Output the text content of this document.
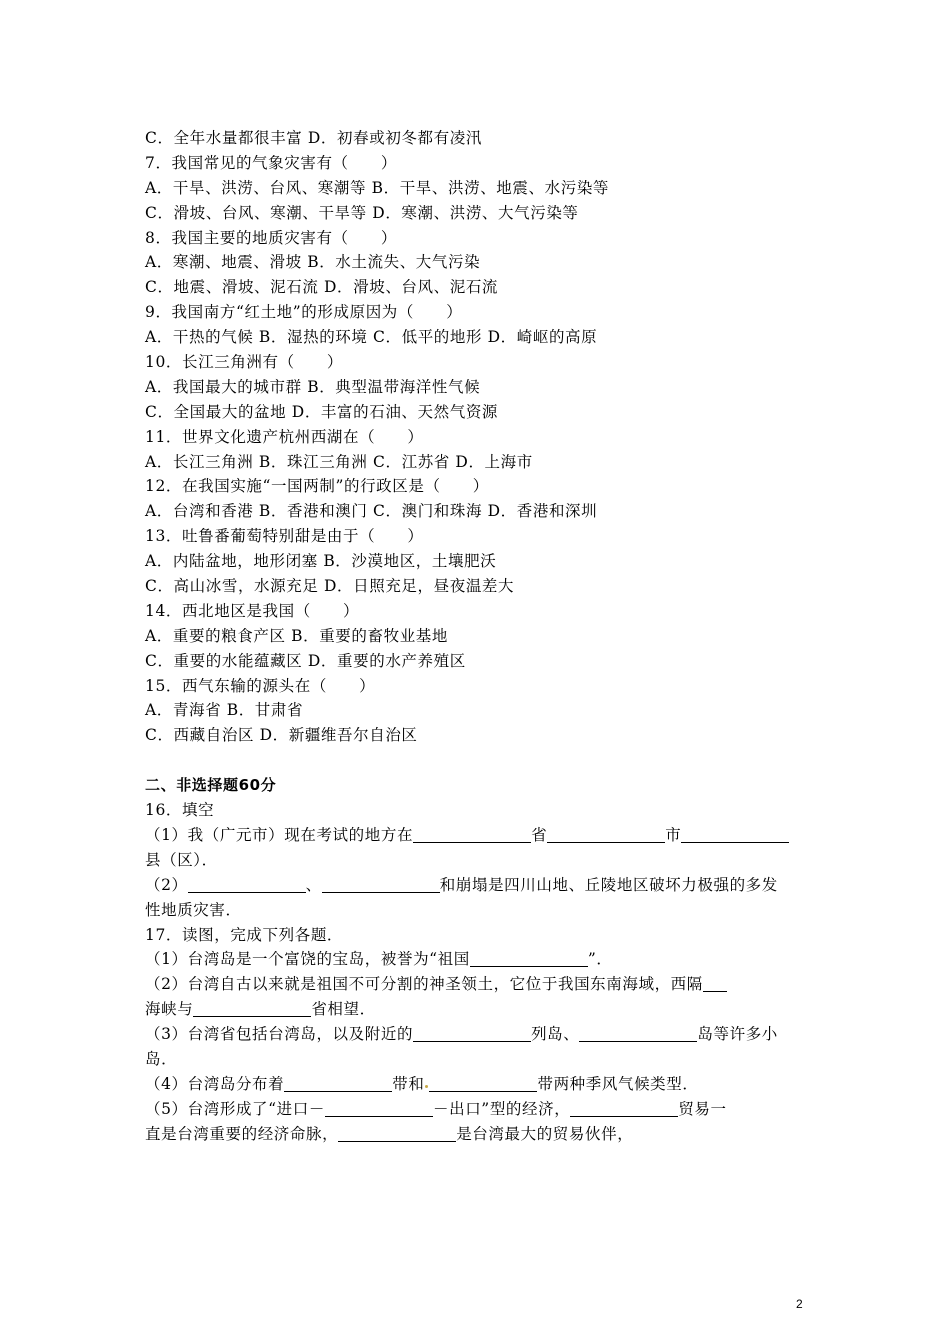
C．全年水量都很丰富 D．初春或初冬都有凌汛
7．我国常见的气象灾害有（　　）
A．干旱、洪涝、台风、寒潮等 B．干旱、洪涝、地震、水污染等
C．滑坡、台风、寒潮、干旱等 D．寒潮、洪涝、大气污染等
8．我国主要的地质灾害有（　　）
A．寒潮、地震、滑坡 B．水土流失、大气污染
C．地震、滑坡、泥石流 D．滑坡、台风、泥石流
9．我国南方“红土地”的形成原因为（　　）
A．干热的气候 B．湿热的环境 C．低平的地形 D．崎岖的高原
10．长江三角洲有（　　）
A．我国最大的城市群 B．典型温带海洋性气候
C．全国最大的盆地 D．丰富的石油、天然气资源
11．世界文化遗产杭州西湖在（　　）
A．长江三角洲 B．珠江三角洲 C．江苏省 D．上海市
12．在我国实施“一国两制”的行政区是（　　）
A．台湾和香港 B．香港和澳门 C．澳门和珠海 D．香港和深圳
13．吐鲁番葡萄特别甜是由于（　　）
A．内陆盆地，地形闭塞 B．沙漠地区，土壤肥沃
C．高山冰雪，水源充足 D．日照充足，昼夜温差大
14．西北地区是我国（　　）
A．重要的粮食产区 B．重要的畜牧业基地
C．重要的水能蕴藏区 D．重要的水产养殖区
15．西气东输的源头在（　　）
A．青海省 B．甘肃省
C．西藏自治区 D．新疆维吾尔自治区
二、非选择题60分
16．填空
（1）我（广元市）现在考试的地方在	省	市
县（区）．
（2）	、	和崩塌是四川山地、丘陵地区破坏力极强的多发
性地质灾害．
17．读图，完成下列各题．
（1）台湾岛是一个富饶的宝岛，被誉为“祖国	”．
（2）台湾自古以来就是祖国不可分割的神圣领土，它位于我国东南海域，西隔
海峡与	省相望．
（3）台湾省包括台湾岛，以及附近的	列岛、	岛等许多小
岛．
（4）台湾岛分布着	带和	带两种季风气候类型．
（5）台湾形成了“进口－	－出口”型的经济，	贸易一
直是台湾重要的经济命脉，	是台湾最大的贸易伙伴，
2
